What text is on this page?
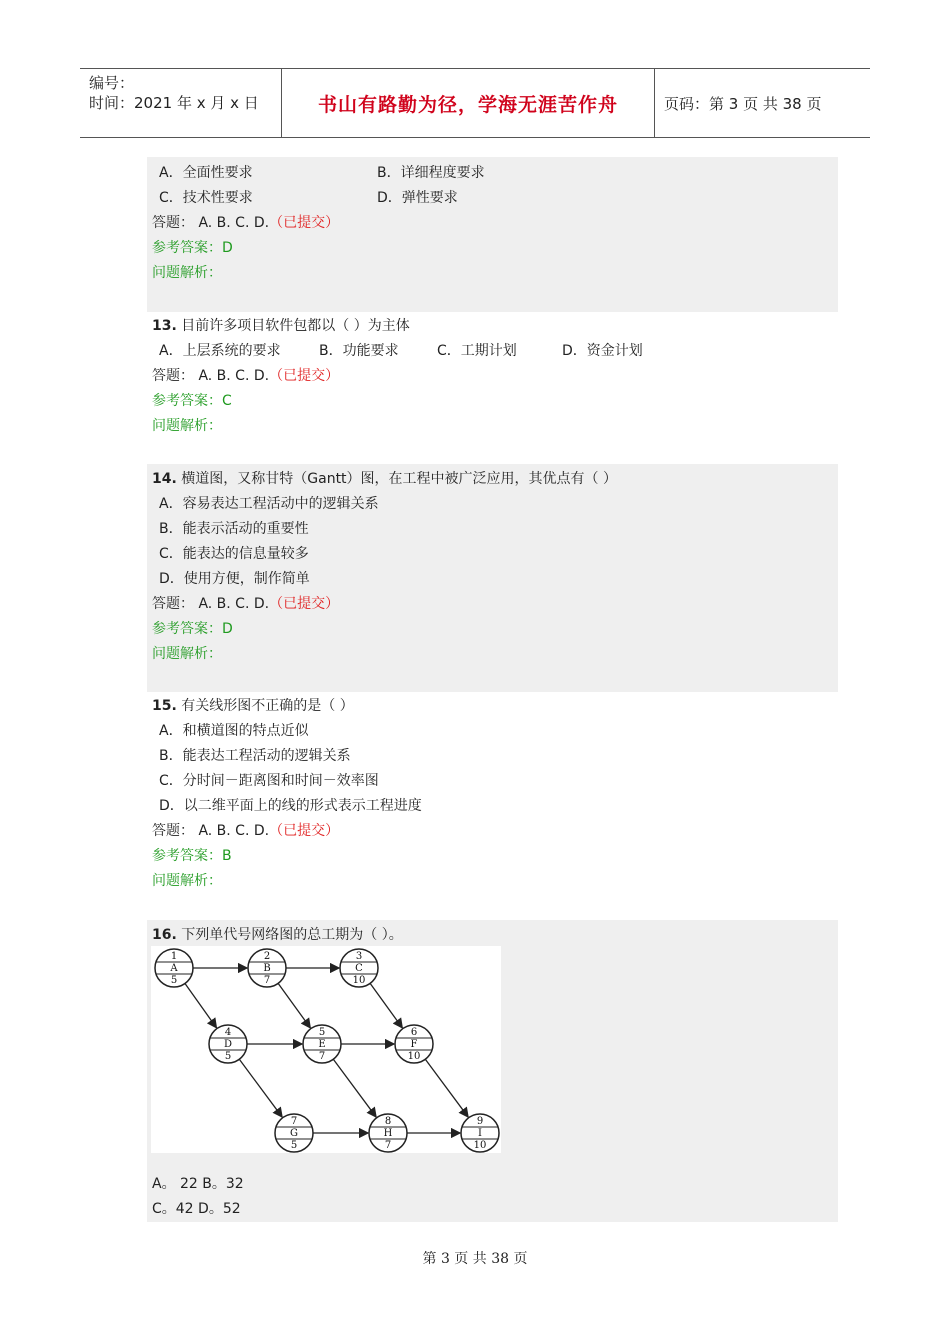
编号：
时间：2021 年 x 月 x 日	书山有路勤为径，学海无涯苦作舟	页码：第 3 页 共 38 页
A．全面性要求	B．详细程度要求
C．技术性要求	D．弹性要求
答题： A. B. C. D.（已提交）
参考答案：D
问题解析：
13. 目前许多项目软件包都以（ ）为主体
A．上层系统的要求	B．功能要求	C．工期计划	D．资金计划
答题： A. B. C. D.（已提交）
参考答案：C
问题解析：
14. 横道图，又称甘特（Gantt）图，在工程中被广泛应用，其优点有（ ）
A．容易表达工程活动中的逻辑关系
B．能表示活动的重要性
C．能表达的信息量较多
D．使用方便，制作简单
答题： A. B. C. D.（已提交）
参考答案：D
问题解析：
15. 有关线形图不正确的是（ ）
A．和横道图的特点近似
B．能表达工程活动的逻辑关系
C．分时间－距离图和时间－效率图
D．以二维平面上的线的形式表示工程进度
答题： A. B. C. D.（已提交）
参考答案：B
问题解析：
16. 下列单代号网络图的总工期为（ ）。
A。 22 B。32
C。42 D。52
1
A
5
2
B
7
3
C
10
4
D
5
5
E
7
6
F
10
7
G
5
8
H
7
9
I
10
第 3 页 共 38 页
